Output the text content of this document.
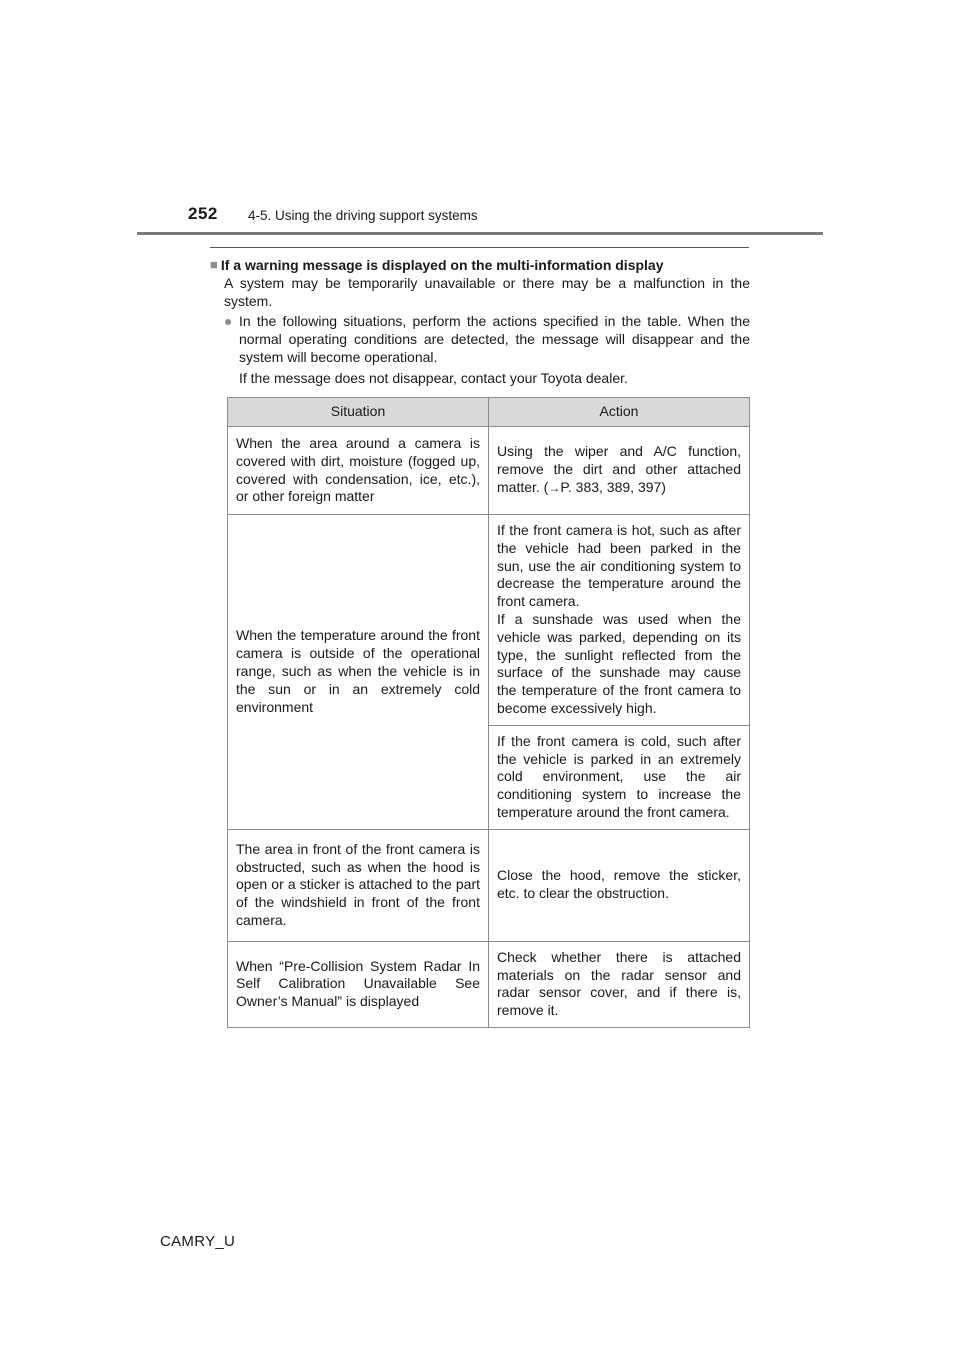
252 4-5. Using the driving support systems
■ If a warning message is displayed on the multi-information display

A system may be temporarily unavailable or there may be a malfunction in the system.

● In the following situations, perform the actions specified in the table. When the normal operating conditions are detected, the message will disappear and the system will become operational.

If the message does not disappear, contact your Toyota dealer.
Situation	Action
When the area around a camera is covered with dirt, moisture (fogged up, covered with condensation, ice, etc.), or other foreign matter	Using the wiper and A/C function, remove the dirt and other attached matter. (→P. 383, 389, 397)
When the temperature around the front camera is outside of the operational range, such as when the vehicle is in the sun or in an extremely cold environment	If the front camera is hot, such as after the vehicle had been parked in the sun, use the air conditioning system to decrease the temperature around the front camera.
If a sunshade was used when the vehicle was parked, depending on its type, the sunlight reflected from the surface of the sunshade may cause the temperature of the front camera to become excessively high.

	If the front camera is cold, such after the vehicle is parked in an extremely cold environment, use the air conditioning system to increase the temperature around the front camera.
The area in front of the front camera is obstructed, such as when the hood is open or a sticker is attached to the part of the windshield in front of the front camera.	Close the hood, remove the sticker, etc. to clear the obstruction.
When “Pre-Collision System Radar In Self Calibration Unavailable See Owner’s Manual” is displayed	Check whether there is attached materials on the radar sensor and radar sensor cover, and if there is, remove it.
CAMRY_U
